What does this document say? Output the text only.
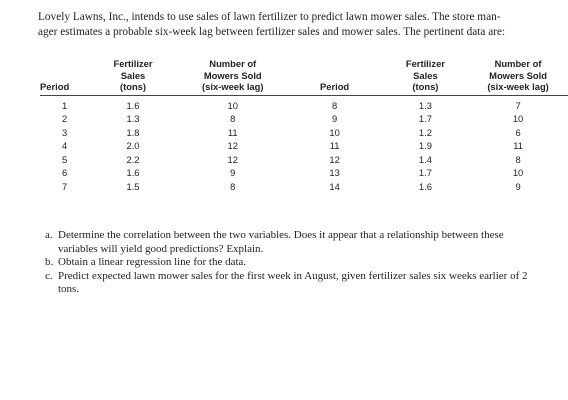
Lovely Lawns, Inc., intends to use sales of lawn fertilizer to predict lawn mower sales. The store man-
ager estimates a probable six-week lag between fertilizer sales and mower sales. The pertinent data are:
Period	Fertilizer
Sales
(tons)	Number of
Mowers Sold
(six-week lag)	Period	Fertilizer
Sales
(tons)	Number of
Mowers Sold
(six-week lag)

1	1.6	10	8	1.3	7
2	1.3	8	9	1.7	10
3	1.8	11	10	1.2	6
4	2.0	12	11	1.9	11
5	2.2	12	12	1.4	8
6	1.6	9	13	1.7	10
7	1.5	8	14	1.6	9
a. Determine the correlation between the two variables. Does it appear that a relationship between these variables will yield good predictions? Explain.
b. Obtain a linear regression line for the data.
c. Predict expected lawn mower sales for the first week in August, given fertilizer sales six weeks earlier of 2 tons.
